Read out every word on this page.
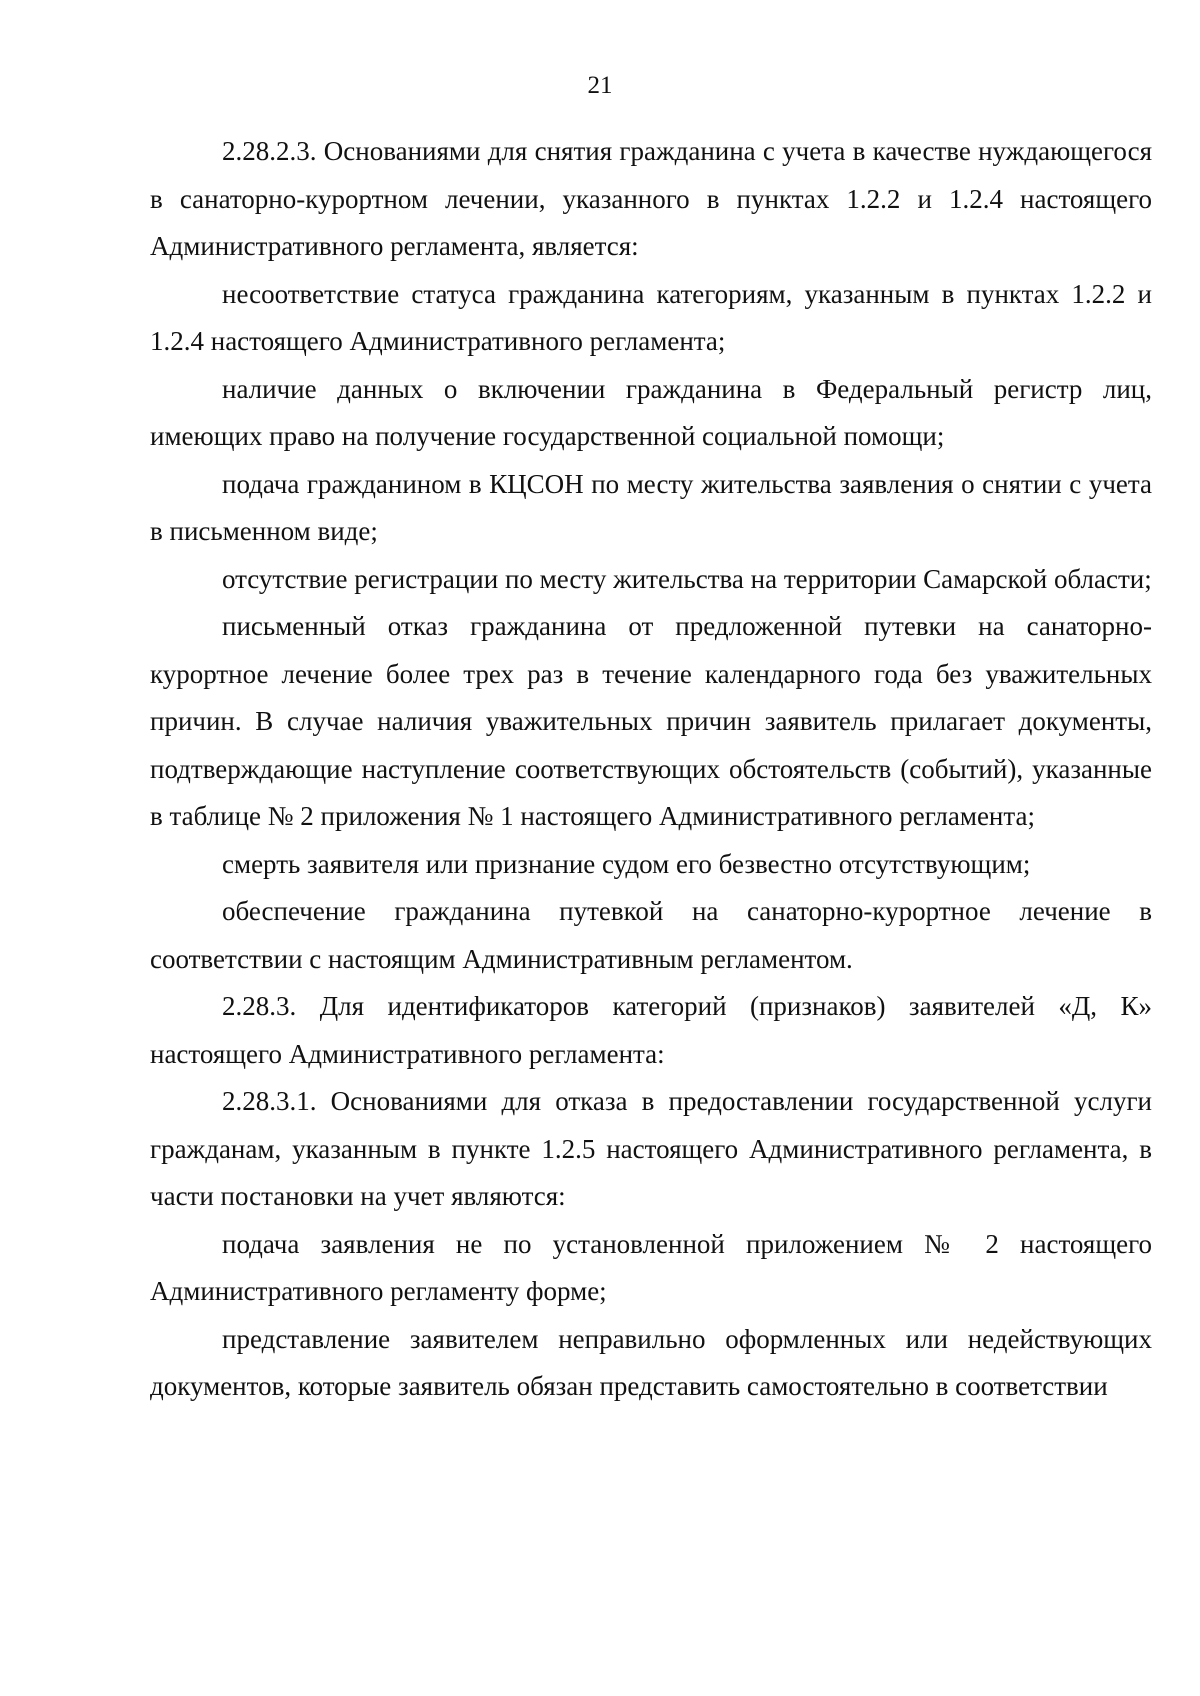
21

2.28.2.3. Основаниями для снятия гражданина с учета в качестве нуждающегося в санаторно-курортном лечении, указанного в пунктах 1.2.2 и 1.2.4 настоящего Административного регламента, является:

несоответствие статуса гражданина категориям, указанным в пунктах 1.2.2 и 1.2.4 настоящего Административного регламента;

наличие данных о включении гражданина в Федеральный регистр лиц, имеющих право на получение государственной социальной помощи;

подача гражданином в КЦСОН по месту жительства заявления о снятии с учета в письменном виде;

отсутствие регистрации по месту жительства на территории Самарской области;

письменный отказ гражданина от предложенной путевки на санаторно-курортное лечение более трех раз в течение календарного года без уважительных причин. В случае наличия уважительных причин заявитель прилагает документы, подтверждающие наступление соответствующих обстоятельств (событий), указанные в таблице № 2 приложения № 1 настоящего Административного регламента;

смерть заявителя или признание судом его безвестно отсутствующим;

обеспечение гражданина путевкой на санаторно-курортное лечение в соответствии с настоящим Административным регламентом.

2.28.3. Для идентификаторов категорий (признаков) заявителей «Д, К» настоящего Административного регламента:

2.28.3.1. Основаниями для отказа в предоставлении государственной услуги гражданам, указанным в пункте 1.2.5 настоящего Административного регламента, в части постановки на учет являются:

подача заявления не по установленной приложением № 2 настоящего Административного регламенту форме;

представление заявителем неправильно оформленных или недействующих документов, которые заявитель обязан представить самостоятельно в соответствии
